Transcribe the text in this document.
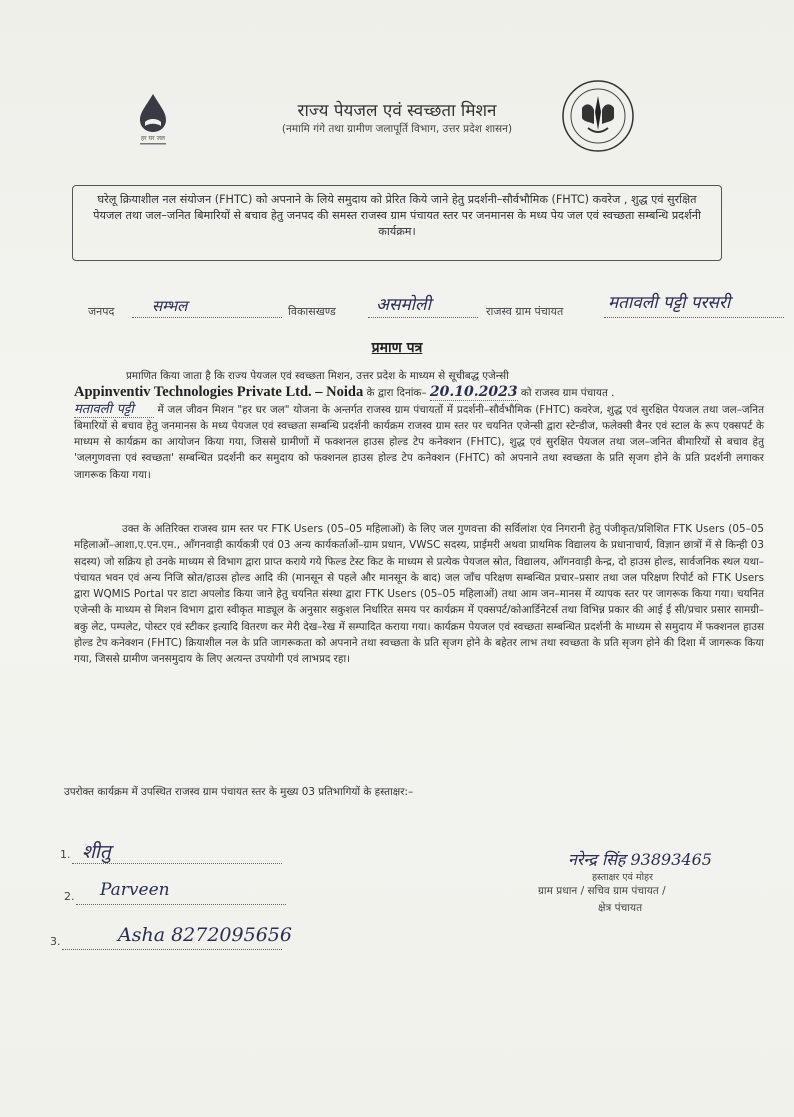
हर घर जल
राज्य पेयजल एवं स्वच्छता मिशन
(नमामि गंगे तथा ग्रामीण जलापूर्ति विभाग, उत्तर प्रदेश शासन)
घरेलू क्रियाशील नल संयोजन (FHTC) को अपनाने के लिये समुदाय को प्रेरित किये जाने हेतु प्रदर्शनी–सौर्वभौमिक (FHTC) कवरेज , शुद्ध एवं सुरक्षित पेयजल तथा जल–जनित बिमारियों से बचाव हेतु जनपद की समस्त राजस्व ग्राम पंचायत स्तर पर जनमानस के मध्य पेय जल एवं स्वच्छता सम्बन्धि प्रदर्शनी कार्यक्रम।
जनपद	सम्भल	विकासखण्ड असमोली	राजस्व ग्राम पंचायत	मतावली पट्टी परसरी
प्रमाण पत्र
प्रमाणित किया जाता है कि राज्य पेयजल एवं स्वच्छता मिशन, उत्तर प्रदेश के माध्यम से सूचीबद्ध एजेन्सी
Appinventiv Technologies Private Ltd. – Noida के द्वारा दिनांक– 20.10.2023 को राजस्व ग्राम पंचायत .
मतावली पट्टी में जल जीवन मिशन "हर घर जल" योजना के अन्तर्गत राजस्व ग्राम पंचायतों में प्रदर्शनी–सौर्वभौमिक (FHTC) कवरेज, शुद्ध एवं सुरक्षित पेयजल तथा जल–जनित बिमारियों से बचाव हेतु जनमानस के मध्य पेयजल एवं स्वच्छता सम्बन्धि प्रदर्शनी कार्यक्रम राजस्व ग्राम स्तर पर चयनित एजेन्सी द्वारा स्टेन्डीज, फलेक्सी बैनर एवं स्टाल के रूप एक्सपर्ट के माध्यम से कार्यक्रम का आयोजन किया गया, जिससे ग्रामीणों में फक्शनल हाउस होल्ड टेप कनेक्शन (FHTC), शुद्ध एवं सुरक्षित पेयजल तथा जल–जनित बीमारियों से बचाव हेतु 'जलगुणवत्ता एवं स्वच्छता' सम्बन्धित प्रदर्शनी कर समुदाय को फक्शनल हाउस होल्ड टेप कनेक्शन (FHTC) को अपनाने तथा स्वच्छता के प्रति सृजग होने के प्रति प्रदर्शनी लगाकर जागरूक किया गया।
उक्त के अतिरिक्त राजस्व ग्राम स्तर पर FTK Users (05–05 महिलाओं) के लिए जल गुणवत्ता की सर्विलांश एंव निगरानी हेतु पंजीकृत/प्रशिशित FTK Users (05–05 महिलाओं–आशा,ए.एन.एम., आँगनवाड़ी कार्यकत्री एवं 03 अन्य कार्यकर्ताओं–ग्राम प्रधान, VWSC सदस्य, प्राईमरी अथवा प्राथमिक विद्यालय के प्रधानाचार्य, विज्ञान छात्रों में से किन्ही 03 सदस्य) जो सक्रिय हो उनके माध्यम से विभाग द्वारा प्राप्त कराये गये फिल्ड टेस्ट किट के माध्यम से प्रत्येक पेयजल स्रोत, विद्यालय, आँगनवाड़ी केन्द्र, दो हाउस होल्ड, सार्वजनिक स्थल यथा–पंचायत भवन एवं अन्य निजि स्रोत/हाउस होल्ड आदि की (मानसून से पहले और मानसून के बाद) जल जाँच परिक्षण सम्बन्धित प्रचार–प्रसार तथा जल परिक्षण रिपोर्ट को FTK Users द्वारा WQMIS Portal पर डाटा अपलोड किया जाने हेतु चयनित संस्था द्वारा FTK Users (05–05 महिलाओं) तथा आम जन–मानस में व्यापक स्तर पर जागरूक किया गया। चयनित एजेन्सी के माध्यम से मिशन विभाग द्वारा स्वीकृत माड्यूल के अनुसार सकुशल निर्धारित समय पर कार्यक्रम में एक्सपर्ट/कोआर्डिनेटर्स तथा विभिन्न प्रकार की आई ई सी/प्रचार प्रसार सामग्री–बकु लेट, पम्पलेट, पोस्टर एवं स्टीकर इत्यादि वितरण कर मेरी देख–रेख में सम्पादित कराया गया। कार्यक्रम पेयजल एवं स्वच्छता सम्बन्धित प्रदर्शनी के माध्यम से समुदाय में फक्शनल हाउस होल्ड टेप कनेक्शन (FHTC) क्रियाशील नल के प्रति जागरूकता को अपनाने तथा स्वच्छता के प्रति सृजग होने के बहेतर लाभ तथा स्वच्छता के प्रति सृजग होने की दिशा में जागरूक किया गया, जिससे ग्रामीण जनसमुदाय के लिए अत्यन्त उपयोगी एवं लाभप्रद रहा।
उपरोक्त कार्यक्रम में उपस्थित राजस्व ग्राम पंचायत स्तर के मुख्य 03 प्रतिभागियों के हस्ताक्षर:–
1. शीतु
2. Parveen
3.	Asha 8272095656
नरेन्द्र सिंह 93893465
हस्ताक्षर एवं मोहर
ग्राम प्रधान / सचिव ग्राम पंचायत /
क्षेत्र पंचायत
